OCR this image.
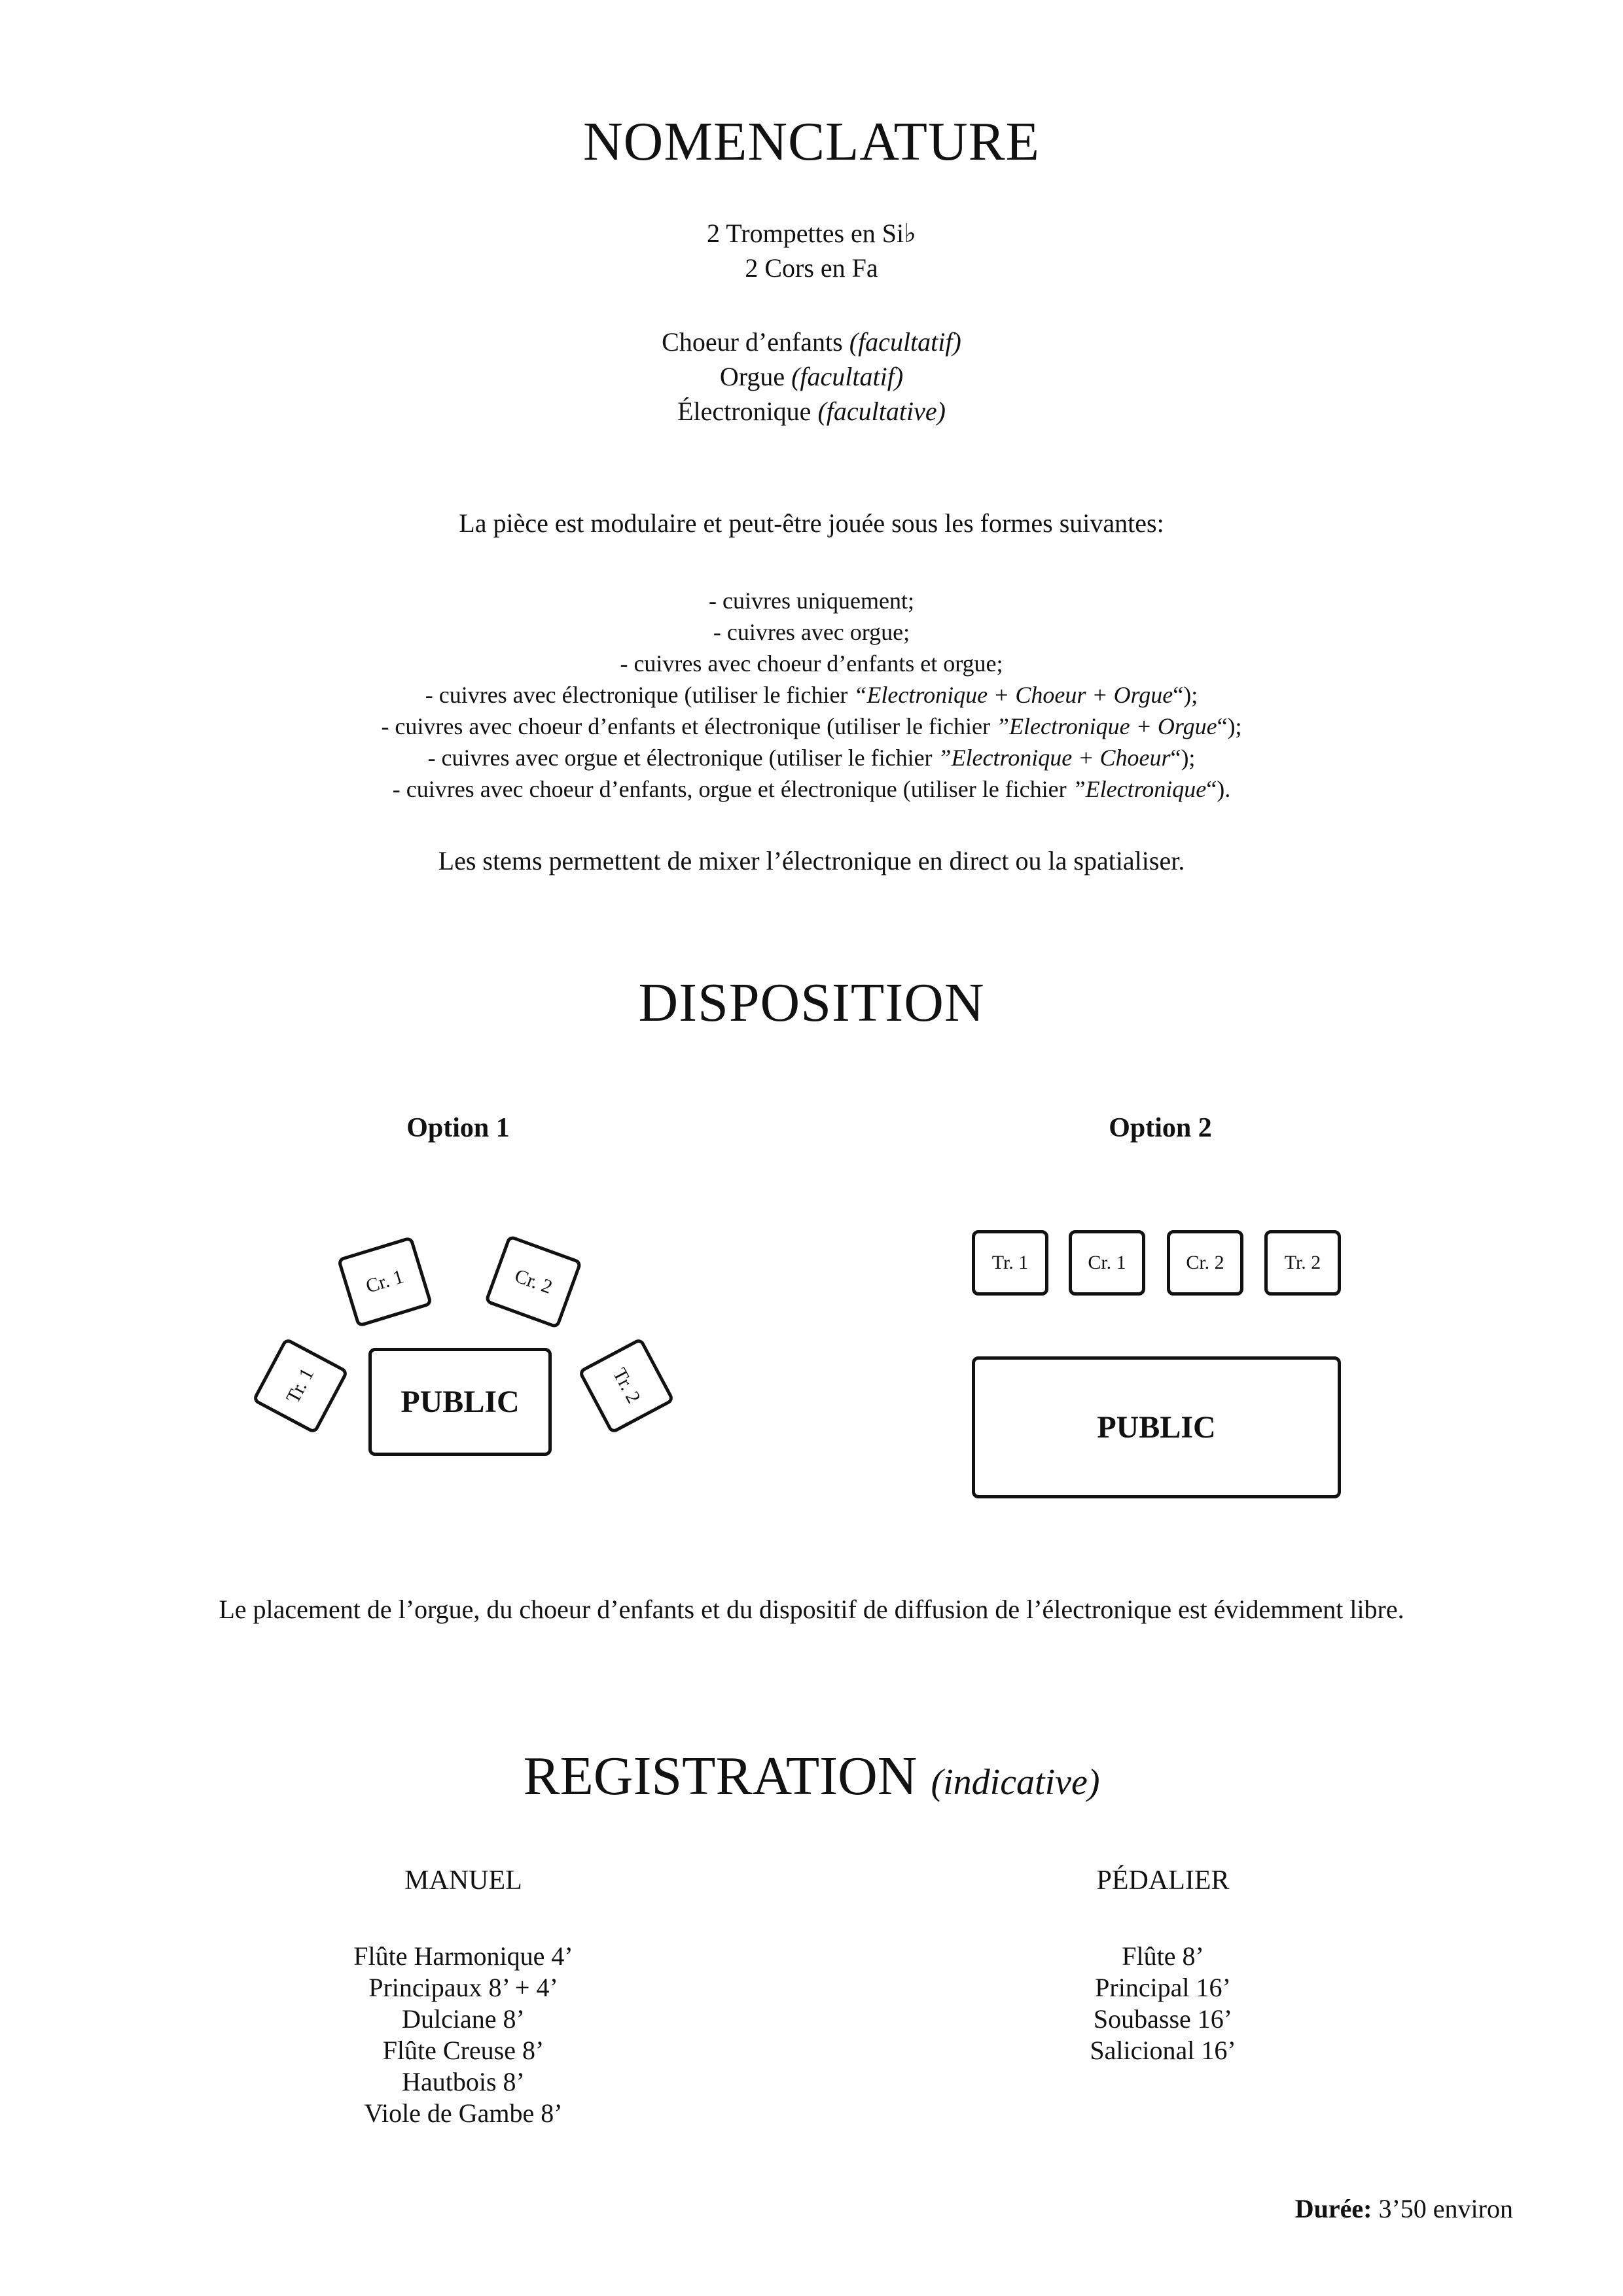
NOMENCLATURE
2 Trompettes en Si♭
2 Cors en Fa
Choeur d’enfants (facultatif)
Orgue (facultatif)
Électronique (facultative)
La pièce est modulaire et peut-être jouée sous les formes suivantes:
- cuivres uniquement;
- cuivres avec orgue;
- cuivres avec choeur d’enfants et orgue;
- cuivres avec électronique (utiliser le fichier “Electronique + Choeur + Orgue“);
- cuivres avec choeur d’enfants et électronique (utiliser le fichier ”Electronique + Orgue“);
- cuivres avec orgue et électronique (utiliser le fichier ”Electronique + Choeur“);
- cuivres avec choeur d’enfants, orgue et électronique (utiliser le fichier ”Electronique“).
Les stems permettent de mixer l’électronique en direct ou la spatialiser.
DISPOSITION
Option 1	Option 2
Cr. 1	Cr. 2
Tr. 1	Tr. 2
PUBLIC
Tr. 1	Cr. 1	Cr. 2	Tr. 2
PUBLIC
Le placement de l’orgue, du choeur d’enfants et du dispositif de diffusion de l’électronique est évidemment libre.
REGISTRATION (indicative)
MANUEL
Flûte Harmonique 4’
Principaux 8’ + 4’
Dulciane 8’
Flûte Creuse 8’
Hautbois 8’
Viole de Gambe 8’
PÉDALIER
Flûte 8’
Principal 16’
Soubasse 16’
Salicional 16’
Durée: 3’50 environ
